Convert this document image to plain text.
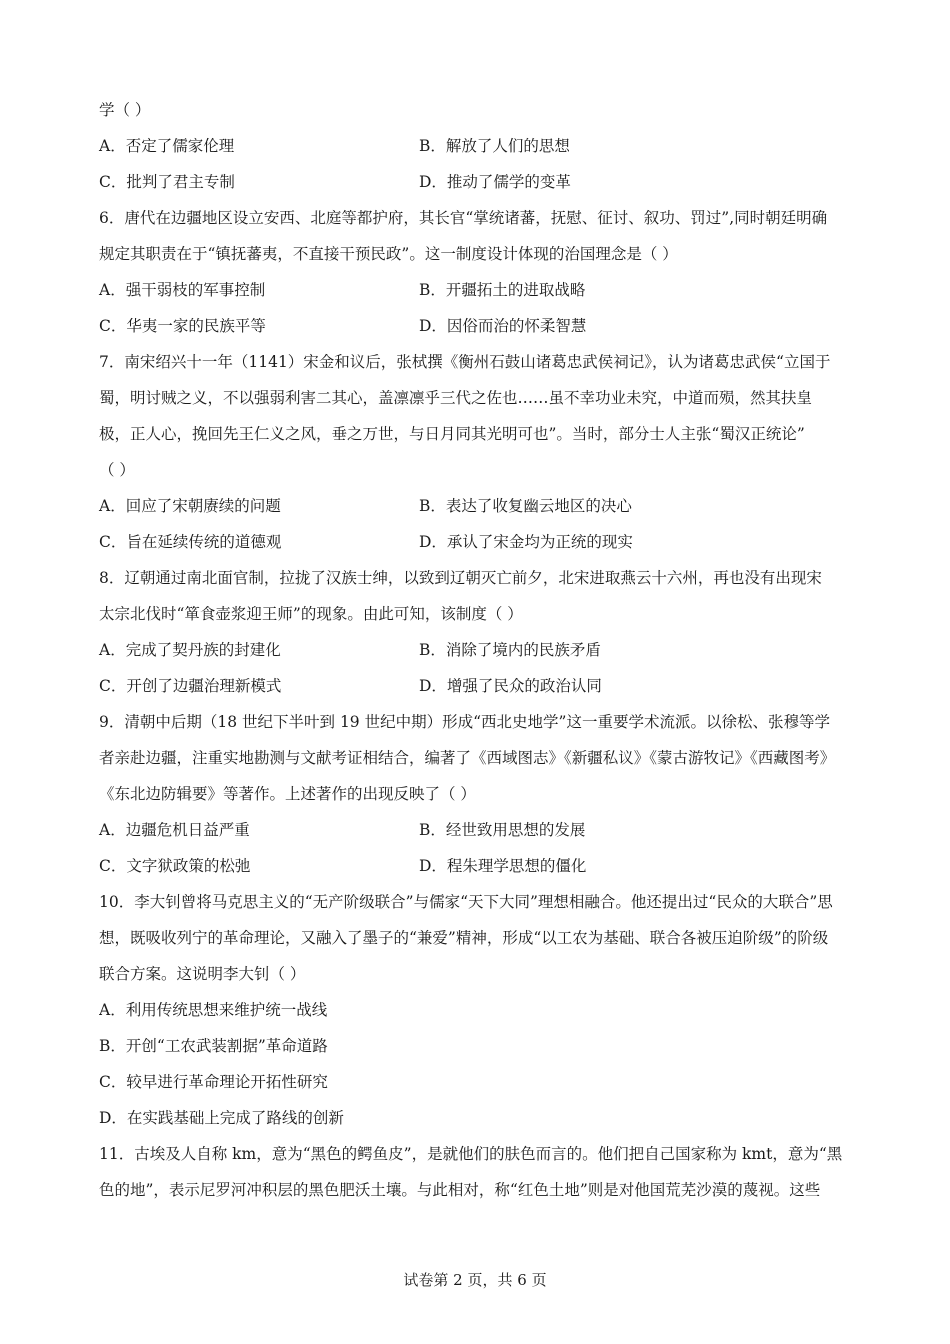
学（ ）
A．否定了儒家伦理	B．解放了人们的思想
C．批判了君主专制	D．推动了儒学的变革
6．唐代在边疆地区设立安西、北庭等都护府，其长官“掌统诸蕃，抚慰、征讨、叙功、罚过”,同时朝廷明确
规定其职责在于“镇抚蕃夷，不直接干预民政”。这一制度设计体现的治国理念是（ ）
A．强干弱枝的军事控制	B．开疆拓土的进取战略
C．华夷一家的民族平等	D．因俗而治的怀柔智慧
7．南宋绍兴十一年（1141）宋金和议后，张栻撰《衡州石鼓山诸葛忠武侯祠记》，认为诸葛忠武侯“立国于
蜀，明讨贼之义，不以强弱利害二其心，盖凛凛乎三代之佐也……虽不幸功业未究，中道而殒，然其扶皇
极，正人心，挽回先王仁义之风，垂之万世，与日月同其光明可也”。当时，部分士人主张“蜀汉正统论”
（ ）
A．回应了宋朝赓续的问题	B．表达了收复幽云地区的决心
C．旨在延续传统的道德观	D．承认了宋金均为正统的现实
8．辽朝通过南北面官制，拉拢了汉族士绅，以致到辽朝灭亡前夕，北宋进取燕云十六州，再也没有出现宋
太宗北伐时“箪食壶浆迎王师”的现象。由此可知，该制度（ ）
A．完成了契丹族的封建化	B．消除了境内的民族矛盾
C．开创了边疆治理新模式	D．增强了民众的政治认同
9．清朝中后期（18 世纪下半叶到 19 世纪中期）形成“西北史地学”这一重要学术流派。以徐松、张穆等学
者亲赴边疆，注重实地勘测与文献考证相结合，编著了《西域图志》《新疆私议》《蒙古游牧记》《西藏图考》
《东北边防辑要》等著作。上述著作的出现反映了（ ）
A．边疆危机日益严重	B．经世致用思想的发展
C．文字狱政策的松弛	D．程朱理学思想的僵化
10．李大钊曾将马克思主义的“无产阶级联合”与儒家“天下大同”理想相融合。他还提出过“民众的大联合”思
想，既吸收列宁的革命理论，又融入了墨子的“兼爱”精神，形成“以工农为基础、联合各被压迫阶级”的阶级
联合方案。这说明李大钊（ ）
A．利用传统思想来维护统一战线
B．开创“工农武装割据”革命道路
C．较早进行革命理论开拓性研究
D．在实践基础上完成了路线的创新
11．古埃及人自称 km，意为“黑色的鳄鱼皮”，是就他们的肤色而言的。他们把自己国家称为 kmt，意为“黑
色的地”，表示尼罗河冲积层的黑色肥沃土壤。与此相对，称“红色土地”则是对他国荒芜沙漠的蔑视。这些
试卷第 2 页，共 6 页
